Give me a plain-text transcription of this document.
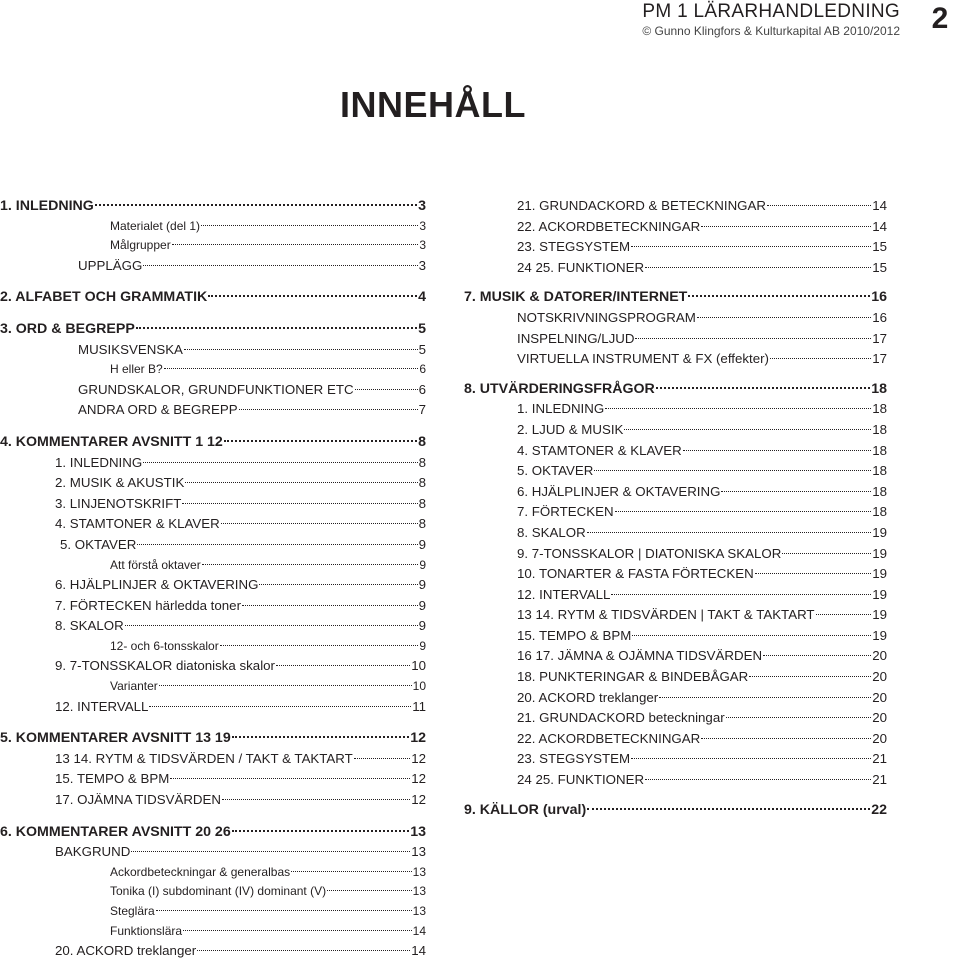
PM 1 LÄRARHANDLEDNING
© Gunno Klingfors & Kulturkapital AB 2010/2012	2
INNEHÅLL
1. INLEDNING	3
Materialet (del 1)	3
Målgrupper	3
UPPLÄGG	3
2. ALFABET OCH GRAMMATIK	4
3. ORD & BEGREPP	5
MUSIKSVENSKA	5
H eller B?	6
GRUNDSKALOR, GRUNDFUNKTIONER ETC	6
ANDRA ORD & BEGREPP	7
4. KOMMENTARER AVSNITT 1 12	8
1. INLEDNING	8
2. MUSIK & AKUSTIK	8
3. LINJENOTSKRIFT	8
4. STAMTONER & KLAVER	8
5. OKTAVER	9
Att förstå oktaver	9
6. HJÄLPLINJER & OKTAVERING	9
7. FÖRTECKEN härledda toner	9
8. SKALOR	9
12- och 6-tonsskalor	9
9. 7-TONSSKALOR diatoniska skalor	10
Varianter	10
12. INTERVALL	11
5. KOMMENTARER AVSNITT 13 19	12
13 14. RYTM & TIDSVÄRDEN / TAKT & TAKTART	12
15. TEMPO & BPM	12
17. OJÄMNA TIDSVÄRDEN	12
6. KOMMENTARER AVSNITT 20 26	13
BAKGRUND	13
Ackordbeteckningar & generalbas	13
Tonika (I) subdominant (IV) dominant (V)	13
Steglära	13
Funktionslära	14
20. ACKORD treklanger	14
21. GRUNDACKORD & BETECKNINGAR	14
22. ACKORDBETECKNINGAR	14
23. STEGSYSTEM	15
24 25. FUNKTIONER	15
7. MUSIK & DATORER/INTERNET	16
NOTSKRIVNINGSPROGRAM	16
INSPELNING/LJUD	17
VIRTUELLA INSTRUMENT & FX (effekter)	17
8. UTVÄRDERINGSFRÅGOR	18
1. INLEDNING	18
2. LJUD & MUSIK	18
4. STAMTONER & KLAVER	18
5. OKTAVER	18
6. HJÄLPLINJER & OKTAVERING	18
7. FÖRTECKEN	18
8. SKALOR	19
9. 7-TONSSKALOR | DIATONISKA SKALOR	19
10. TONARTER & FASTA FÖRTECKEN	19
12. INTERVALL	19
13 14. RYTM & TIDSVÄRDEN | TAKT & TAKTART	19
15. TEMPO & BPM	19
16 17. JÄMNA & OJÄMNA TIDSVÄRDEN	20
18. PUNKTERINGAR & BINDEBÅGAR	20
20. ACKORD treklanger	20
21. GRUNDACKORD beteckningar	20
22. ACKORDBETECKNINGAR	20
23. STEGSYSTEM	21
24 25. FUNKTIONER	21
9. KÄLLOR (urval)	22
